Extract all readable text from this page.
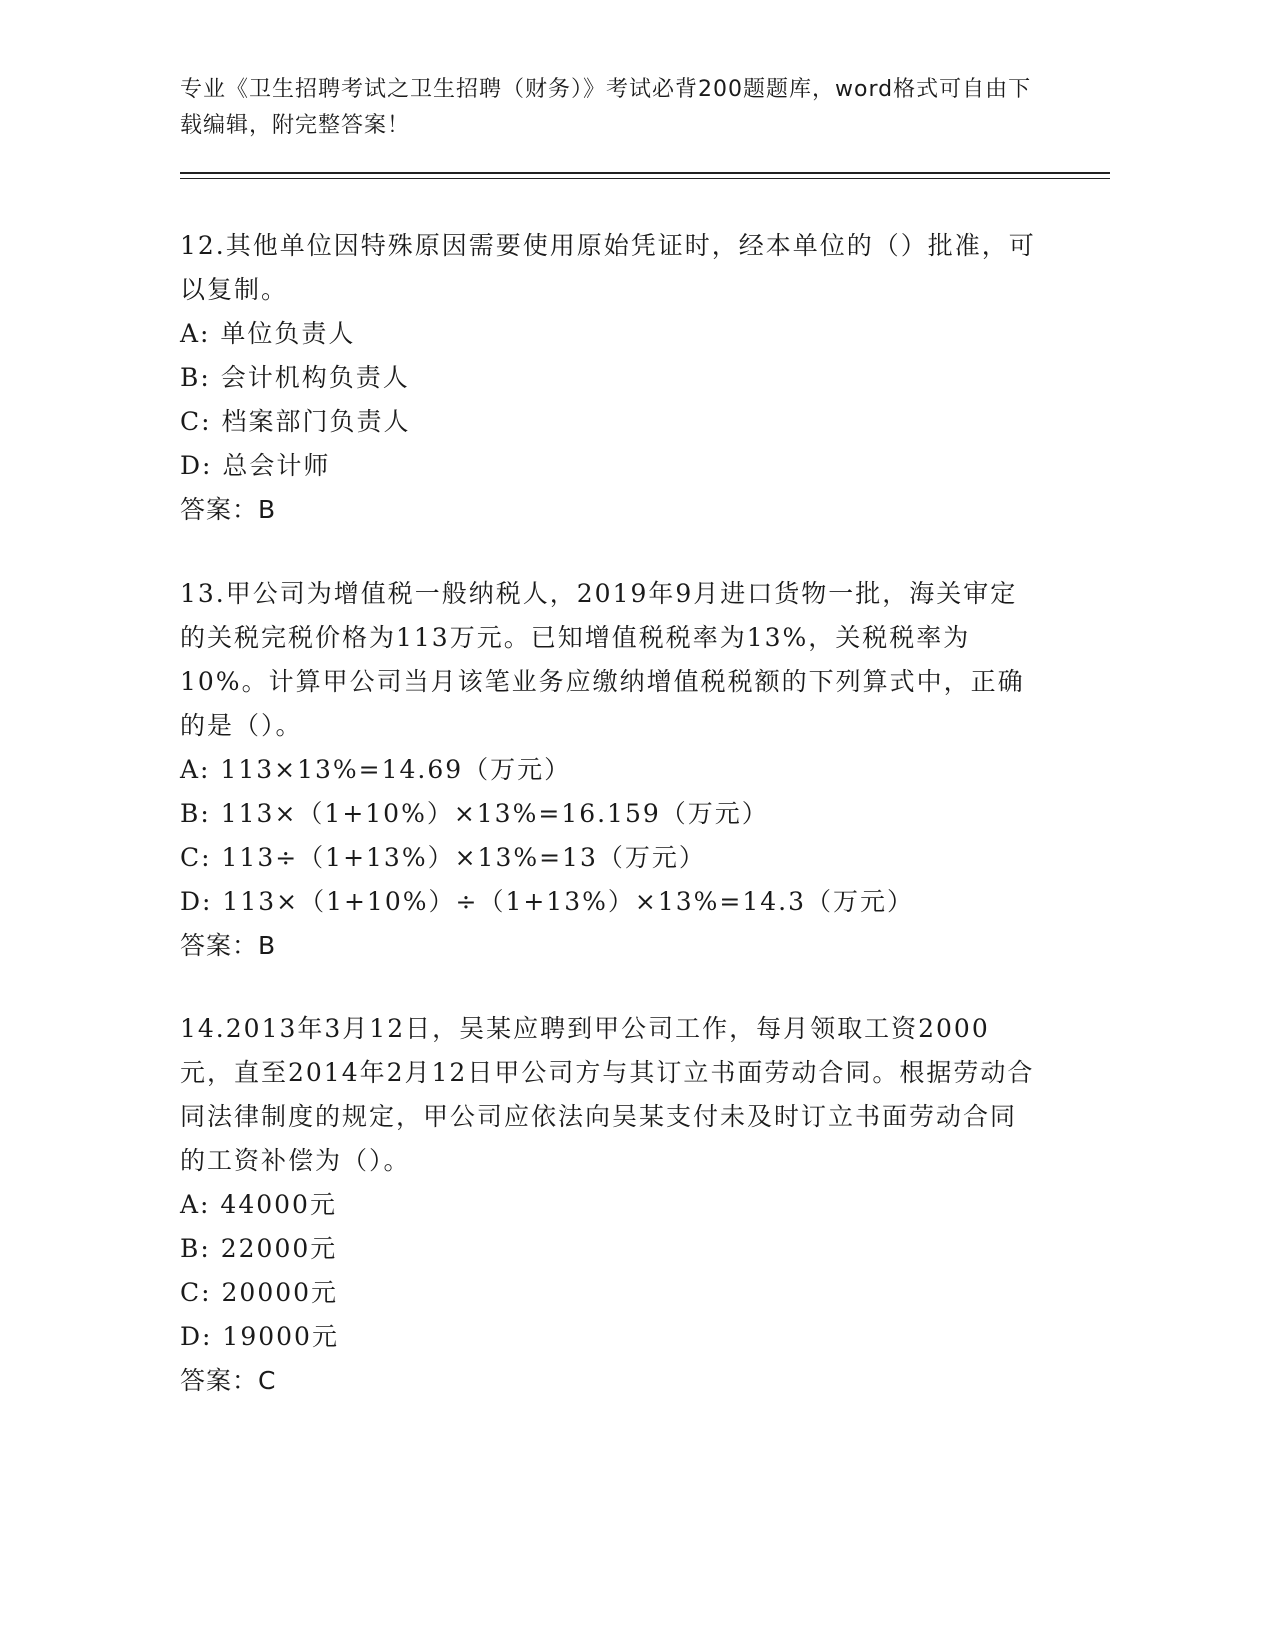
专业《卫生招聘考试之卫生招聘（财务）》考试必背200题题库，word格式可自由下载编辑，附完整答案！

12.其他单位因特殊原因需要使用原始凭证时，经本单位的（）批准，可以复制。

A: 单位负责人

B: 会计机构负责人

C: 档案部门负责人

D: 总会计师

答案：B

13.甲公司为增值税一般纳税人，2019年9月进口货物一批，海关审定的关税完税价格为113万元。已知增值税税率为13%，关税税率为10%。计算甲公司当月该笔业务应缴纳增值税税额的下列算式中，正确的是（）。

A: 113×13%=14.69（万元）

B: 113×（1+10%）×13%=16.159（万元）

C: 113÷（1+13%）×13%=13（万元）

D: 113×（1+10%）÷（1+13%）×13%=14.3（万元）

答案：B

14.2013年3月12日，吴某应聘到甲公司工作，每月领取工资2000元，直至2014年2月12日甲公司方与其订立书面劳动合同。根据劳动合同法律制度的规定，甲公司应依法向吴某支付未及时订立书面劳动合同的工资补偿为（）。

A: 44000元

B: 22000元

C: 20000元

D: 19000元

答案：C
